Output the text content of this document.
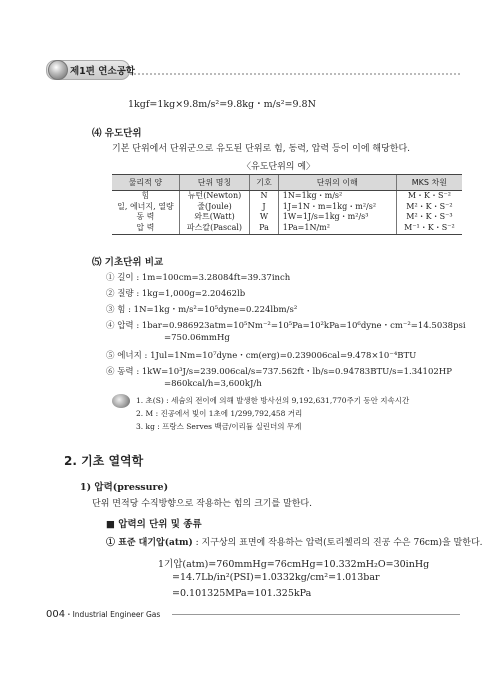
제1편 연소공학
1kgf=1kg×9.8m/s²=9.8kg・m/s²=9.8N
⑷ 유도단위
기본 단위에서 단위군으로 유도된 단위로 힘, 동력, 압력 등이 이에 해당한다.
〈유도단위의 예〉
물리적 양	단위 명칭	기호	단위의 이해	MKS 차원
힘	뉴턴(Newton)	N	1N=1kg・m/s²	M・K・S⁻²
일, 에너지, 열량	줄(Joule)	J	1J=1N・m=1kg・m²/s²	M²・K・S⁻²
동 력	와트(Watt)	W	1W=1J/s=1kg・m²/s³	M²・K・S⁻³
압 력	파스칼(Pascal)	Pa	1Pa=1N/m²	M⁻¹・K・S⁻²
⑸ 기초단위 비교
① 길이 : 1m=100cm=3.28084ft=39.37inch
② 질량 : 1kg=1,000g=2.20462lb
③ 힘 : 1N=1kg・m/s²=10⁵dyne=0.224lbm/s²
④ 압력 : 1bar=0.986923atm=10⁵Nm⁻²=10⁵Pa=10²kPa=10⁶dyne・cm⁻²=14.5038psi
=750.06mmHg
⑤ 에너지 : 1Jul=1Nm=10⁷dyne・cm(erg)=0.239006cal=9.478×10⁻⁴BTU
⑥ 동력 : 1kW=10³J/s=239.006cal/s=737.562ft・lb/s=0.94783BTU/s=1.34102HP
=860kcal/h=3,600kJ/h
1. 초(S) : 세슘의 전이에 의해 발생한 방사선의 9,192,631,770주기 동안 지속시간
2. M : 진공에서 빛이 1초에 1/299,792,458 거리
3. kg : 프랑스 Serves 백금/이리듐 실린더의 무게
2. 기초 열역학
1) 압력(pressure)
단위 면적당 수직방향으로 작용하는 힘의 크기를 말한다.
■ 압력의 단위 및 종류
① 표준 대기압(atm) : 지구상의 표면에 작용하는 압력(토리첼리의 진공 수은 76cm)을 말한다.
1기압(atm)=760mmHg=76cmHg=10.332mH₂O=30inHg
=14.7Lb/in²(PSI)=1.0332kg/cm²=1.013bar
=0.101325MPa=101.325kPa
004・Industrial Engineer Gas
